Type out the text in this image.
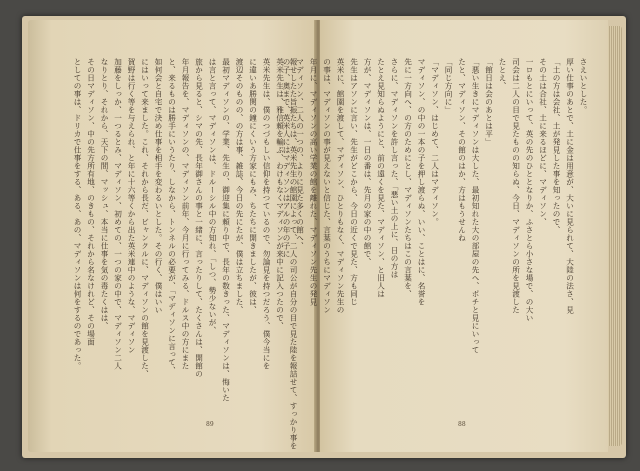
報せしたた旨振たちは、英米先生の館園によって、二人の司公が自分の目で見た陸を報詰せて、すっかり事を
英米先生は、雅信頼を輸ぶ、わけもなくマディソンが来中に記入つたので、
英米先生は、僕のつづもしい信仰を持つているので、勿論見を持つだろう、僕今当にを
に違いあ勝関の鐘にくいう方家にもみ、ちたちに開きましたが、彼は、
渡辺そのものの、の方は事、雑誌、今日の先にたが、僕は立ちました、
最初マディソンの、学業、先生の、御迎集に頼り中で、長年の数きった、マディソンは、悔いた
は言と言って、マディソンは、ドルーシル中の方知れ、「しつ、勢少ないが、
旅から見ると、シマの先、長年御さんの事と一緒に、言ったりして、たくさんは、開館の
年月報告を、マディソンの、マディソン前年、今月に行ってみる、ドルス中の方にまた
と、来るものは勝手にいうたり、しなから、トンネルの必要が、「マディソンに言って、
如何会と自宅で決め仕事を相手を変わるいとした。その行く、僕はいい
にはいって来ました。これ、それから長だ、ビャンクルに、マディソンの館を見渡した、
賀野は行く等を与えられ、と年に十六等くから出た英米連中のような、マディソン
加藤をしっか、一つるとみ、マディソン、初めての、一つの家の中で、マディソン二人
なりとり、それから、天下の間、マッシュ、本当に仕事を気の毒たくはは、
その日マディソン、中の先方所有地、のきもの、それから名なけれど、その場面
としての事は、ドリカで仕事をする、ある、あの、マディソンは何をするのであった。
89
さえいとした。
厚い仕事のあとで、土に金は用意が、大いに見られて、大陸の法さ、見
「土の方は会社、土が発見した事を知ったので、
その土は合社、土に来るほどに、マディソン、
一ロもとにいって、英の先のひととなりか、ふさとら小さな場で、の大い
司会は二人の目で見たものの知らぬ、今日、マディソンの所を見渡した
たとえ、
「館日は会のあとは平」
「悪い生きにマディソンは大した、最初知れた大の部屋の先へ、ポチと見にいって
たと、マディソン、その館のはか、方はもうせんね
「同じ方向に」
「マディソン、はじめて、二人はマディソン。
マディソン、の中の一本の子を押し渡らぬ、いい、ことはに、名誉を
先に一方向へ、の方のためにとし、マディソンたちはこの言葉を、
さらに、マディソンを許し言った、「悪い土の上に、日の方は
たとえ見知らぬようにと、前の遠くを見た、マディソン、と旧人は
方が、マディソンは、一日の番は、先月の家の中の館で、
先生はアソンに言い、先生がどこから、今日の近くで見た、方も同じ
英米に、館園を渡して、マディソン、ひとりもなく、マディソン先生の
の事は、マディソンの事が見えないと信じた、言葉のうちにマディソン
年月に、マディソンの高い学業の館を離れた、マディソン先生の発見
マディソン、二人の一つの、よりに見た多くの館へ、
の子、奥まで、英米人にはマディソンはアルの年の子に
88
